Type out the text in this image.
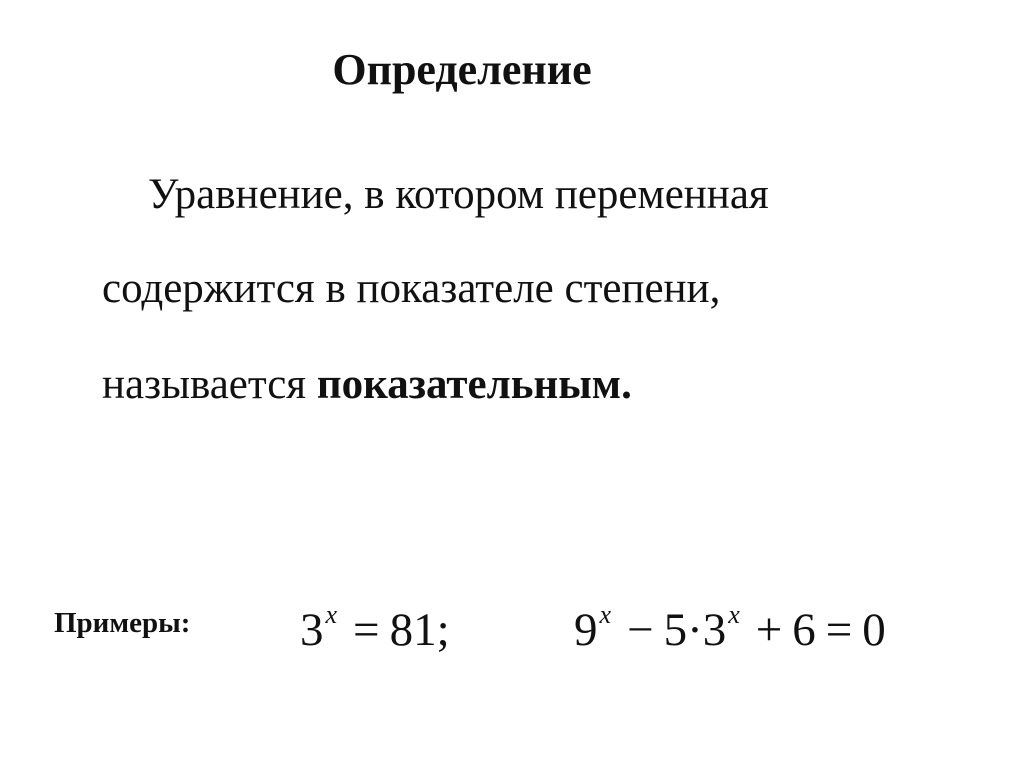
Определение
Уравнение, в котором переменная
содержится в показателе степени,
называется показательным.
Примеры: $3^x = 81$;	$9^x - 5\cdot 3^x + 6 = 0$
